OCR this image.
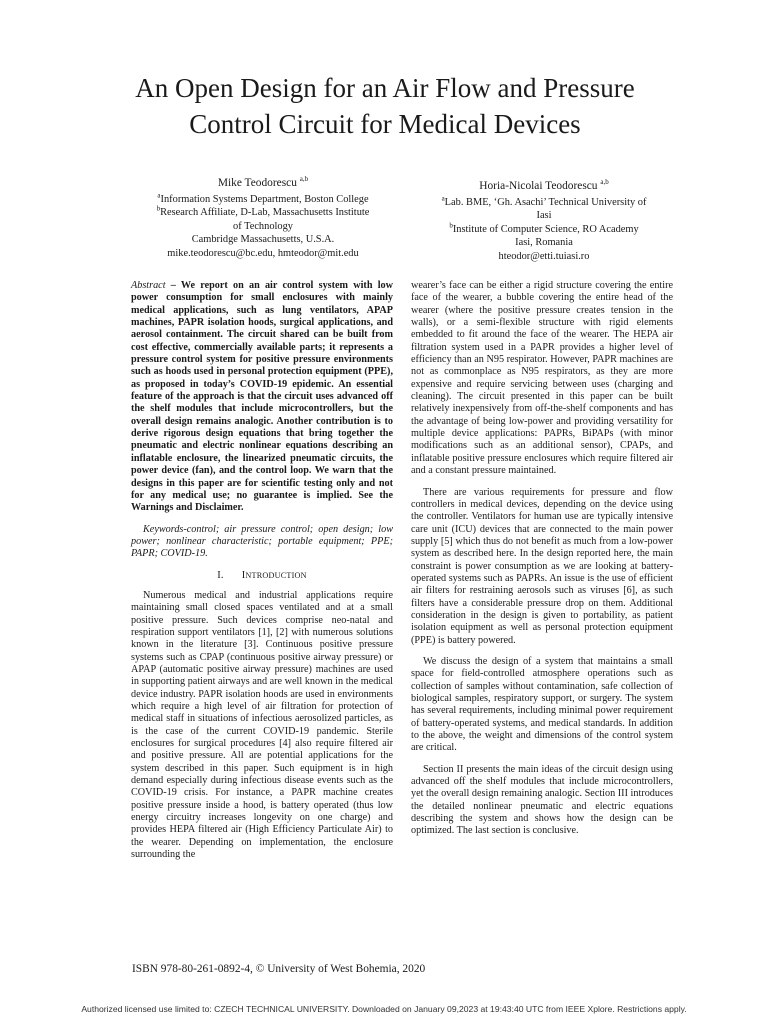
An Open Design for an Air Flow and Pressure
Control Circuit for Medical Devices
Mike Teodorescu $^{a,b}$
$^a$Information Systems Department, Boston College
$^b$Research Affiliate, D-Lab, Massachusetts Institute
of Technology
Cambridge Massachusetts, U.S.A.
mike.teodorescu@bc.edu, hmteodor@mit.edu
Horia-Nicolai Teodorescu $^{a,b}$
$^a$Lab. BME, ‘Gh. Asachi’ Technical University of
Iasi
$^b$Institute of Computer Science, RO Academy
Iasi, Romania
hteodor@etti.tuiasi.ro

Abstract – We report on an air control system with low power consumption for small enclosures with mainly medical applications, such as lung ventilators, APAP machines, PAPR isolation hoods, surgical applications, and aerosol containment. The circuit shared can be built from cost effective, commercially available parts; it represents a pressure control system for positive pressure environments such as hoods used in personal protection equipment (PPE), as proposed in today’s COVID-19 epidemic. An essential feature of the approach is that the circuit uses advanced off the shelf modules that include microcontrollers, but the overall design remains analogic. Another contribution is to derive rigorous design equations that bring together the pneumatic and electric nonlinear equations describing an inflatable enclosure, the linearized pneumatic circuits, the power device (fan), and the control loop. We warn that the designs in this paper are for scientific testing only and not for any medical use; no guarantee is implied. See the Warnings and Disclaimer.

Keywords-control; air pressure control; open design; low power; nonlinear characteristic; portable equipment; PPE; PAPR; COVID-19.

I. INTRODUCTION

Numerous medical and industrial applications require maintaining small closed spaces ventilated and at a small positive pressure. Such devices comprise neo-natal and respiration support ventilators [1], [2] with numerous solutions known in the literature [3]. Continuous positive pressure systems such as CPAP (continuous positive airway pressure) or APAP (automatic positive airway pressure) machines are used in supporting patient airways and are well known in the medical device industry. PAPR isolation hoods are used in environments which require a high level of air filtration for protection of medical staff in situations of infectious aerosolized particles, as is the case of the current COVID-19 pandemic. Sterile enclosures for surgical procedures [4] also require filtered air and positive pressure. All are potential applications for the system described in this paper. Such equipment is in high demand especially during infectious disease events such as the COVID-19 crisis. For instance, a PAPR machine creates positive pressure inside a hood, is battery operated (thus low energy circuitry increases longevity on one charge) and provides HEPA filtered air (High Efficiency Particulate Air) to the wearer. Depending on implementation, the enclosure surrounding the

wearer’s face can be either a rigid structure covering the entire face of the wearer, a bubble covering the entire head of the wearer (where the positive pressure creates tension in the walls), or a semi-flexible structure with rigid elements embedded to fit around the face of the wearer. The HEPA air filtration system used in a PAPR provides a higher level of efficiency than an N95 respirator. However, PAPR machines are not as commonplace as N95 respirators, as they are more expensive and require servicing between uses (charging and cleaning). The circuit presented in this paper can be built relatively inexpensively from off-the-shelf components and has the advantage of being low-power and providing versatility for multiple device applications: PAPRs, BiPAPs (with minor modifications such as an additional sensor), CPAPs, and inflatable positive pressure enclosures which require filtered air and a constant pressure maintained.

There are various requirements for pressure and flow controllers in medical devices, depending on the device using the controller. Ventilators for human use are typically intensive care unit (ICU) devices that are connected to the main power supply [5] which thus do not benefit as much from a low-power system as described here. In the design reported here, the main constraint is power consumption as we are looking at battery-operated systems such as PAPRs. An issue is the use of efficient air filters for restraining aerosols such as viruses [6], as such filters have a considerable pressure drop on them. Additional consideration in the design is given to portability, as patient isolation equipment as well as personal protection equipment (PPE) is battery powered.

We discuss the design of a system that maintains a small space for field-controlled atmosphere operations such as collection of samples without contamination, safe collection of biological samples, respiratory support, or surgery. The system has several requirements, including minimal power requirement of battery-operated systems, and medical standards. In addition to the above, the weight and dimensions of the control system are critical.

Section II presents the main ideas of the circuit design using advanced off the shelf modules that include microcontrollers, yet the overall design remaining analogic. Section III introduces the detailed nonlinear pneumatic and electric equations describing the system and shows how the design can be optimized. The last section is conclusive.

ISBN 978-80-261-0892-4, © University of West Bohemia, 2020
Authorized licensed use limited to: CZECH TECHNICAL UNIVERSITY. Downloaded on January 09,2023 at 19:43:40 UTC from IEEE Xplore. Restrictions apply.
